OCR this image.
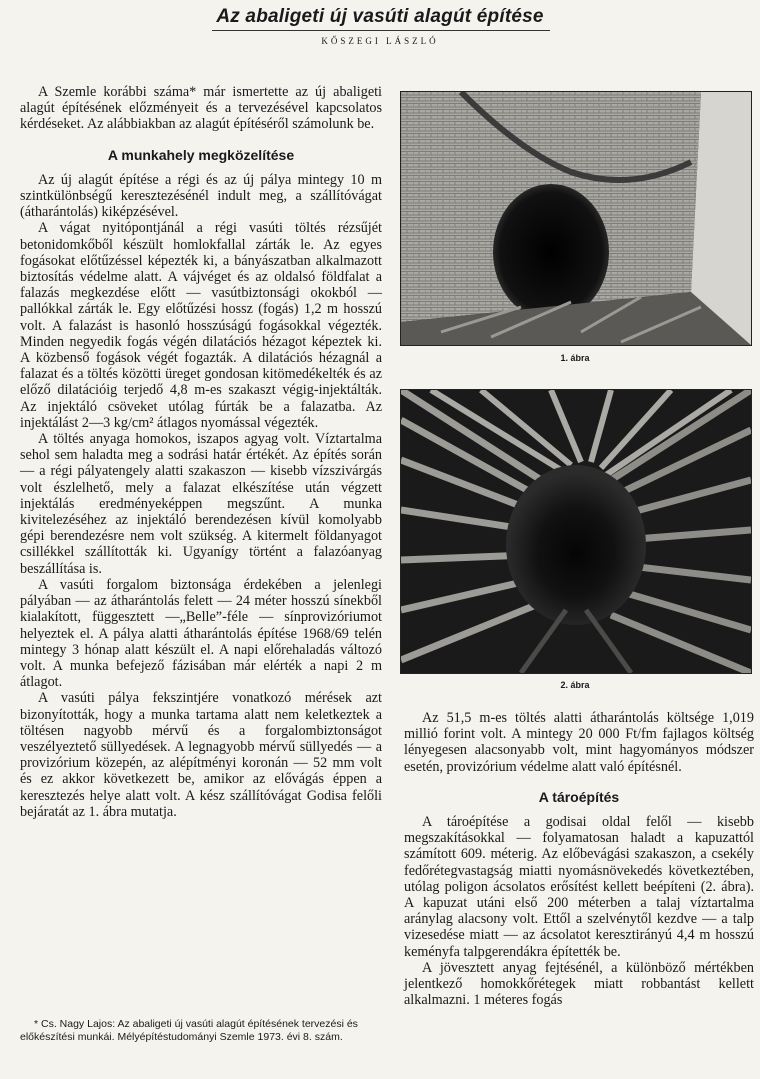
Az abaligeti új vasúti alagút építése
KŐSZEGI LÁSZLÓ

A Szemle korábbi száma* már ismertette az új abaligeti alagút építésének előzményeit és a tervezésével kapcsolatos kérdéseket. Az alábbiakban az alagút építéséről számolunk be.

A munkahely megközelítése

Az új alagút építése a régi és az új pálya mintegy 10 m szintkülönbségű keresztezésénél indult meg, a szállítóvágat (átharántolás) kiképzésével.

A vágat nyitópontjánál a régi vasúti töltés rézsűjét betonidomkőből készült homlokfallal zárták le. Az egyes fogásokat előtűzéssel képezték ki, a bányászatban alkalmazott biztosítás védelme alatt. A vájvéget és az oldalsó földfalat a falazás megkezdése előtt — vasútbiztonsági okokból — pallókkal zárták le. Egy előtűzési hossz (fogás) 1,2 m hosszú volt. A falazást is hasonló hosszúságú fogásokkal végezték. Minden negyedik fogás végén dilatációs hézagot képeztek ki. A közbenső fogások végét fogazták. A dilatációs hézagnál a falazat és a töltés közötti üreget gondosan kitömedékelték és az előző dilatációig terjedő 4,8 m-es szakaszt végig-injektálták. Az injektáló csöveket utólag fúrták be a falazatba. Az injektálást 2—3 kg/cm² átlagos nyomással végezték.

A töltés anyaga homokos, iszapos agyag volt. Víztartalma sehol sem haladta meg a sodrási határ értékét. Az építés során — a régi pályatengely alatti szakaszon — kisebb vízszivárgás volt észlelhető, mely a falazat elkészítése után végzett injektálás eredményeképpen megszűnt. A munka kivitelezéséhez az injektáló berendezésen kívül komolyabb gépi berendezésre nem volt szükség. A kitermelt földanyagot csillékkel szállították ki. Ugyanígy történt a falazóanyag beszállítása is.

A vasúti forgalom biztonsága érdekében a jelenlegi pályában — az átharántolás felett — 24 méter hosszú sínekből kialakított, függesztett —„Belle”-féle — sínprovizóriumot helyeztek el. A pálya alatti átharántolás építése 1968/69 telén mintegy 3 hónap alatt készült el. A napi előrehaladás változó volt. A munka befejező fázisában már elérték a napi 2 m átlagot.

A vasúti pálya fekszintjére vonatkozó mérések azt bizonyították, hogy a munka tartama alatt nem keletkeztek a töltésen nagyobb mérvű és a forgalombiztonságot veszélyeztető süllyedések. A legnagyobb mérvű süllyedés — a provizórium közepén, az alépítményi koronán — 52 mm volt és ez akkor következett be, amikor az elővágás éppen a keresztezés helye alatt volt. A kész szállítóvágat Godisa felőli bejáratát az 1. ábra mutatja.

* Cs. Nagy Lajos: Az abaligeti új vasúti alagút építésének tervezési és előkészítési munkái. Mélyépítéstudományi Szemle 1973. évi 8. szám.

1. ábra
2. ábra

Az 51,5 m-es töltés alatti átharántolás költsége 1,019 millió forint volt. A mintegy 20 000 Ft/fm fajlagos költség lényegesen alacsonyabb volt, mint hagyományos módszer esetén, provizórium védelme alatt való építésnél.

A tároépítés

A tároépítése a godisai oldal felől — kisebb megszakításokkal — folyamatosan haladt a kapuzattól számított 609. méterig. Az előbevágási szakaszon, a csekély fedőrétegvastagság miatti nyomásnövekedés következtében, utólag poligon ácsolatos erősítést kellett beépíteni (2. ábra). A kapuzat utáni első 200 méterben a talaj víztartalma aránylag alacsony volt. Ettől a szelvénytől kezdve — a talp vizesedése miatt — az ácsolatot keresztirányú 4,4 m hosszú keményfa talpgerendákra építették be.

A jövesztett anyag fejtésénél, a különböző mértékben jelentkező homokkőrétegek miatt robbantást kellett alkalmazni. 1 méteres fogás
